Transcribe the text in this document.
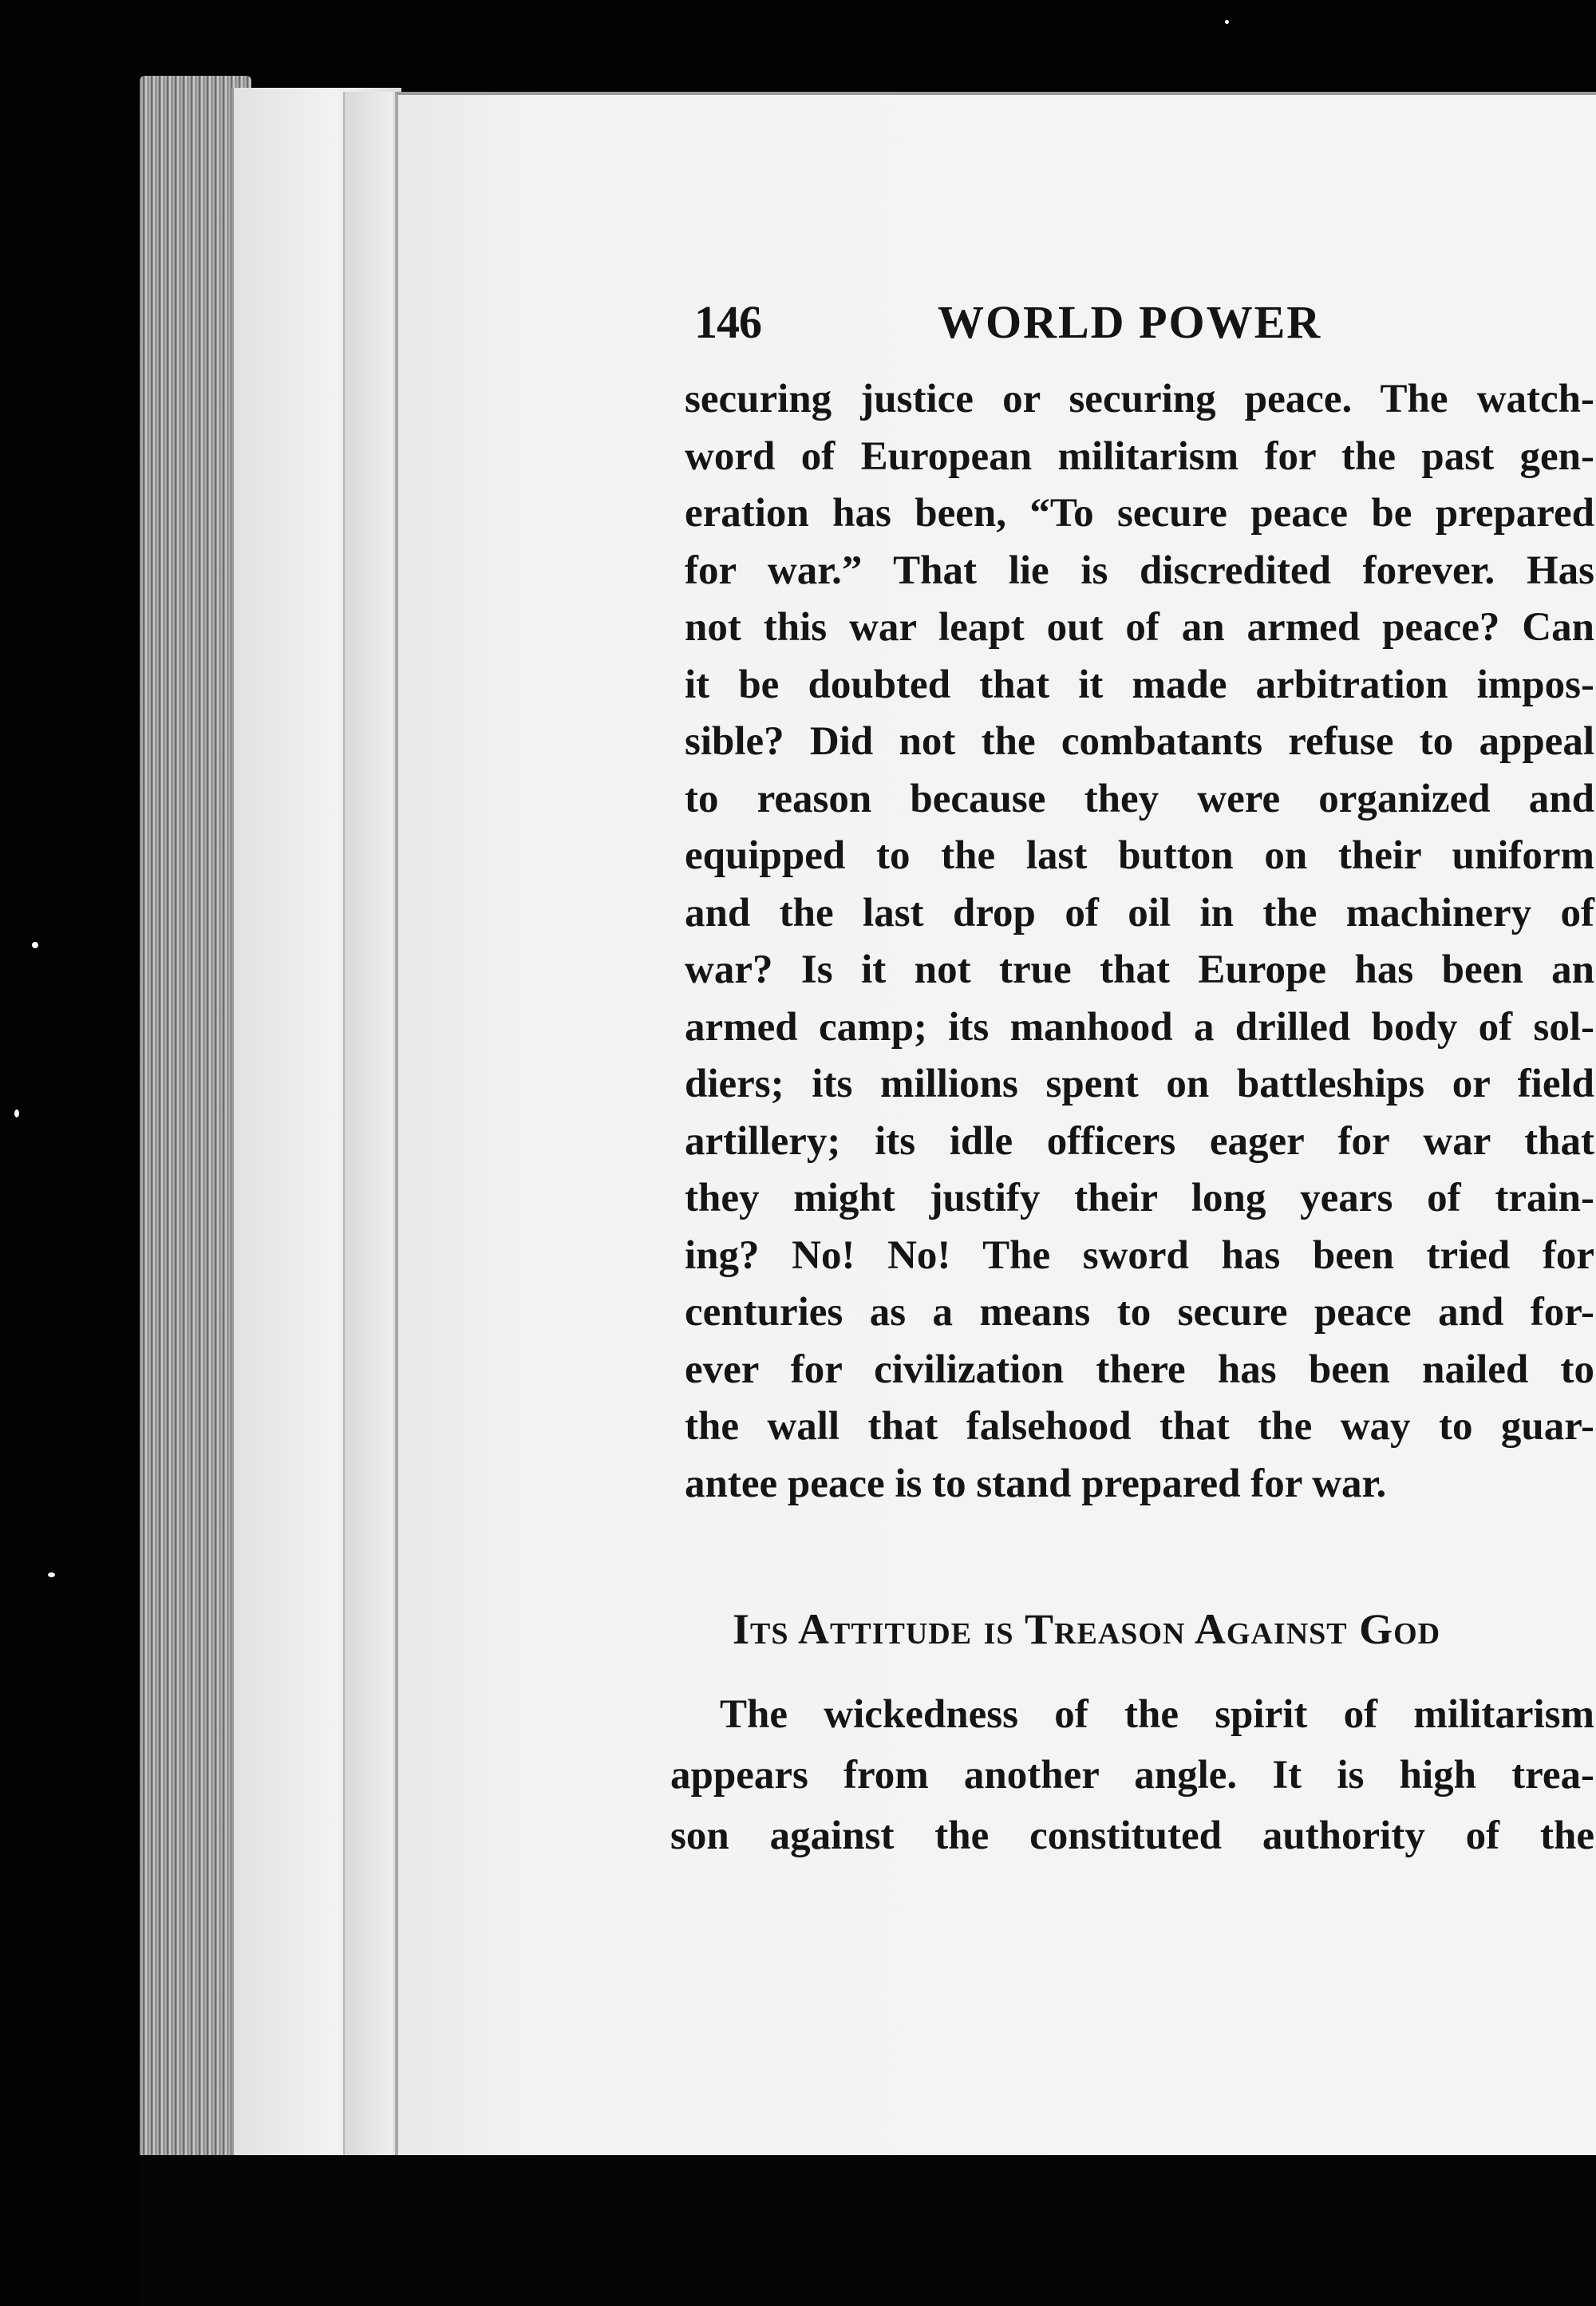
146	WORLD POWER
securing justice or securing peace. The watch-
word of European militarism for the past gen-
eration has been, “To secure peace be prepared
for war.” That lie is discredited forever. Has
not this war leapt out of an armed peace? Can
it be doubted that it made arbitration impos-
sible? Did not the combatants refuse to appeal
to reason because they were organized and
equipped to the last button on their uniform
and the last drop of oil in the machinery of
war? Is it not true that Europe has been an
armed camp; its manhood a drilled body of sol-
diers; its millions spent on battleships or field
artillery; its idle officers eager for war that
they might justify their long years of train-
ing? No! No! The sword has been tried for
centuries as a means to secure peace and for-
ever for civilization there has been nailed to
the wall that falsehood that the way to guar-
antee peace is to stand prepared for war.
Its Attitude is Treason Against God
The wickedness of the spirit of militarism
appears from another angle. It is high trea-
son against the constituted authority of the
